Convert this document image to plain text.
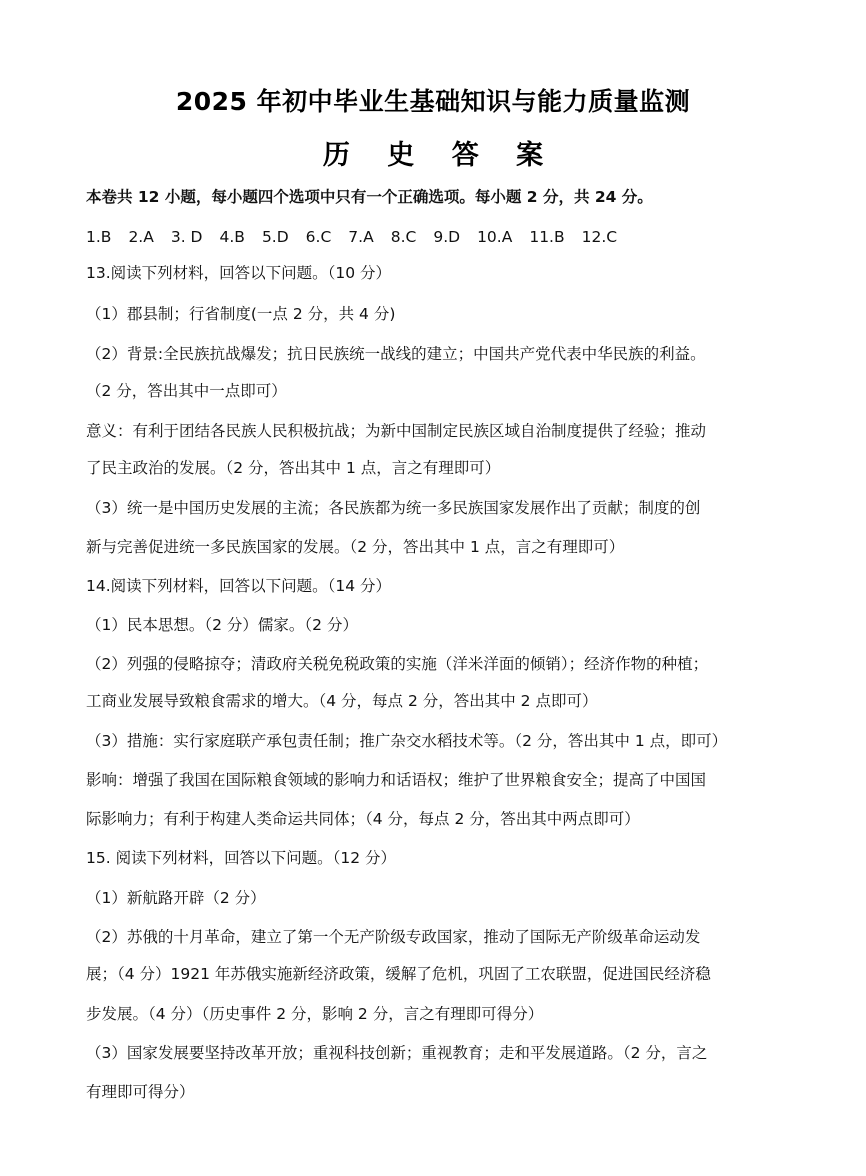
2025 年初中毕业生基础知识与能力质量监测
历 史 答 案
本卷共 12 小题，每小题四个选项中只有一个正确选项。每小题 2 分，共 24 分。
1.B 2.A 3. D 4.B 5.D 6.C 7.A 8.C 9.D 10.A 11.B 12.C
13.阅读下列材料，回答以下问题。（10 分）
（1）郡县制；行省制度(一点 2 分，共 4 分)
（2）背景:全民族抗战爆发；抗日民族统一战线的建立；中国共产党代表中华民族的利益。
（2 分，答出其中一点即可）
意义：有利于团结各民族人民积极抗战；为新中国制定民族区域自治制度提供了经验；推动
了民主政治的发展。（2 分，答出其中 1 点，言之有理即可）
（3）统一是中国历史发展的主流；各民族都为统一多民族国家发展作出了贡献；制度的创
新与完善促进统一多民族国家的发展。（2 分，答出其中 1 点，言之有理即可）
14.阅读下列材料，回答以下问题。（14 分）
（1）民本思想。（2 分）儒家。（2 分）
（2）列强的侵略掠夺；清政府关税免税政策的实施（洋米洋面的倾销）；经济作物的种植；
工商业发展导致粮食需求的增大。（4 分，每点 2 分，答出其中 2 点即可）
（3）措施：实行家庭联产承包责任制；推广杂交水稻技术等。（2 分，答出其中 1 点，即可）
影响：增强了我国在国际粮食领域的影响力和话语权；维护了世界粮食安全；提高了中国国
际影响力；有利于构建人类命运共同体；（4 分，每点 2 分，答出其中两点即可）
15. 阅读下列材料，回答以下问题。（12 分）
（1）新航路开辟（2 分）
（2）苏俄的十月革命，建立了第一个无产阶级专政国家，推动了国际无产阶级革命运动发
展；（4 分）1921 年苏俄实施新经济政策，缓解了危机，巩固了工农联盟，促进国民经济稳
步发展。（4 分）（历史事件 2 分，影响 2 分，言之有理即可得分）
（3）国家发展要坚持改革开放；重视科技创新；重视教育；走和平发展道路。（2 分，言之
有理即可得分）
